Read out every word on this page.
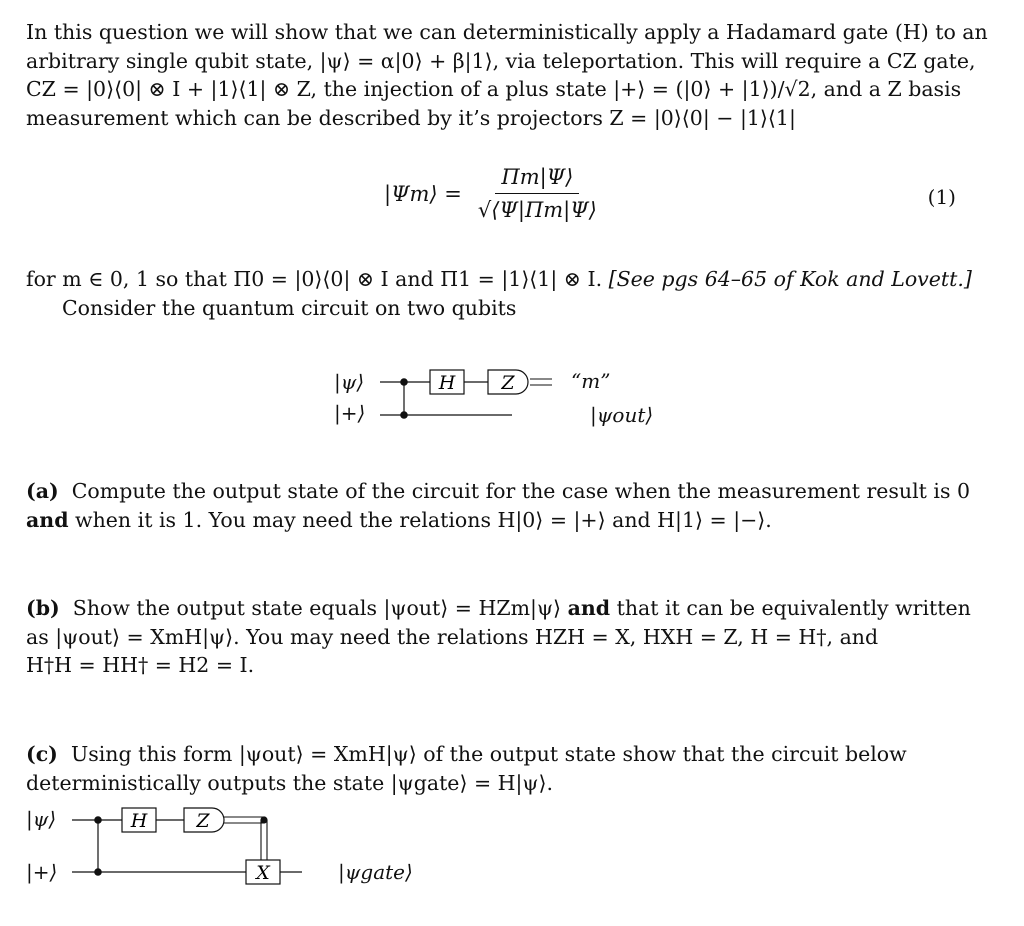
In this question we will show that we can deterministically apply a Hadamard gate (H) to an
arbitrary single qubit state, |ψ⟩ = α|0⟩ + β|1⟩, via teleportation. This will require a CZ gate,
CZ = |0⟩⟨0| ⊗ I + |1⟩⟨1| ⊗ Z, the injection of a plus state |+⟩ = (|0⟩ + |1⟩)/√2, and a Z basis
measurement which can be described by it’s projectors Z = |0⟩⟨0| − |1⟩⟨1|
|Ψm⟩ = $\frac{\Pi m|\Psi⟩}{√⟨\Psi|\Pi m|\Psi⟩}$	(1)
for m ∈ 0, 1 so that Π0 = |0⟩⟨0| ⊗ I and Π1 = |1⟩⟨1| ⊗ I. [See pgs 64–65 of Kok and Lovett.]
Consider the quantum circuit on two qubits
H Z
|ψ⟩
|+⟩
“m”
|ψout⟩
(a) Compute the output state of the circuit for the case when the measurement result is 0
and when it is 1. You may need the relations H|0⟩ = |+⟩ and H|1⟩ = |−⟩.
(b) Show the output state equals |ψout⟩ = HZm|ψ⟩ and that it can be equivalently written
as |ψout⟩ = XmH|ψ⟩. You may need the relations HZH = X, HXH = Z, H = H†, and
H†H = HH† = H2 = I.
(c) Using this form |ψout⟩ = XmH|ψ⟩ of the output state show that the circuit below
deterministically outputs the state |ψgate⟩ = H|ψ⟩.
H	Z
X
|ψ⟩
|+⟩	|ψgate⟩
